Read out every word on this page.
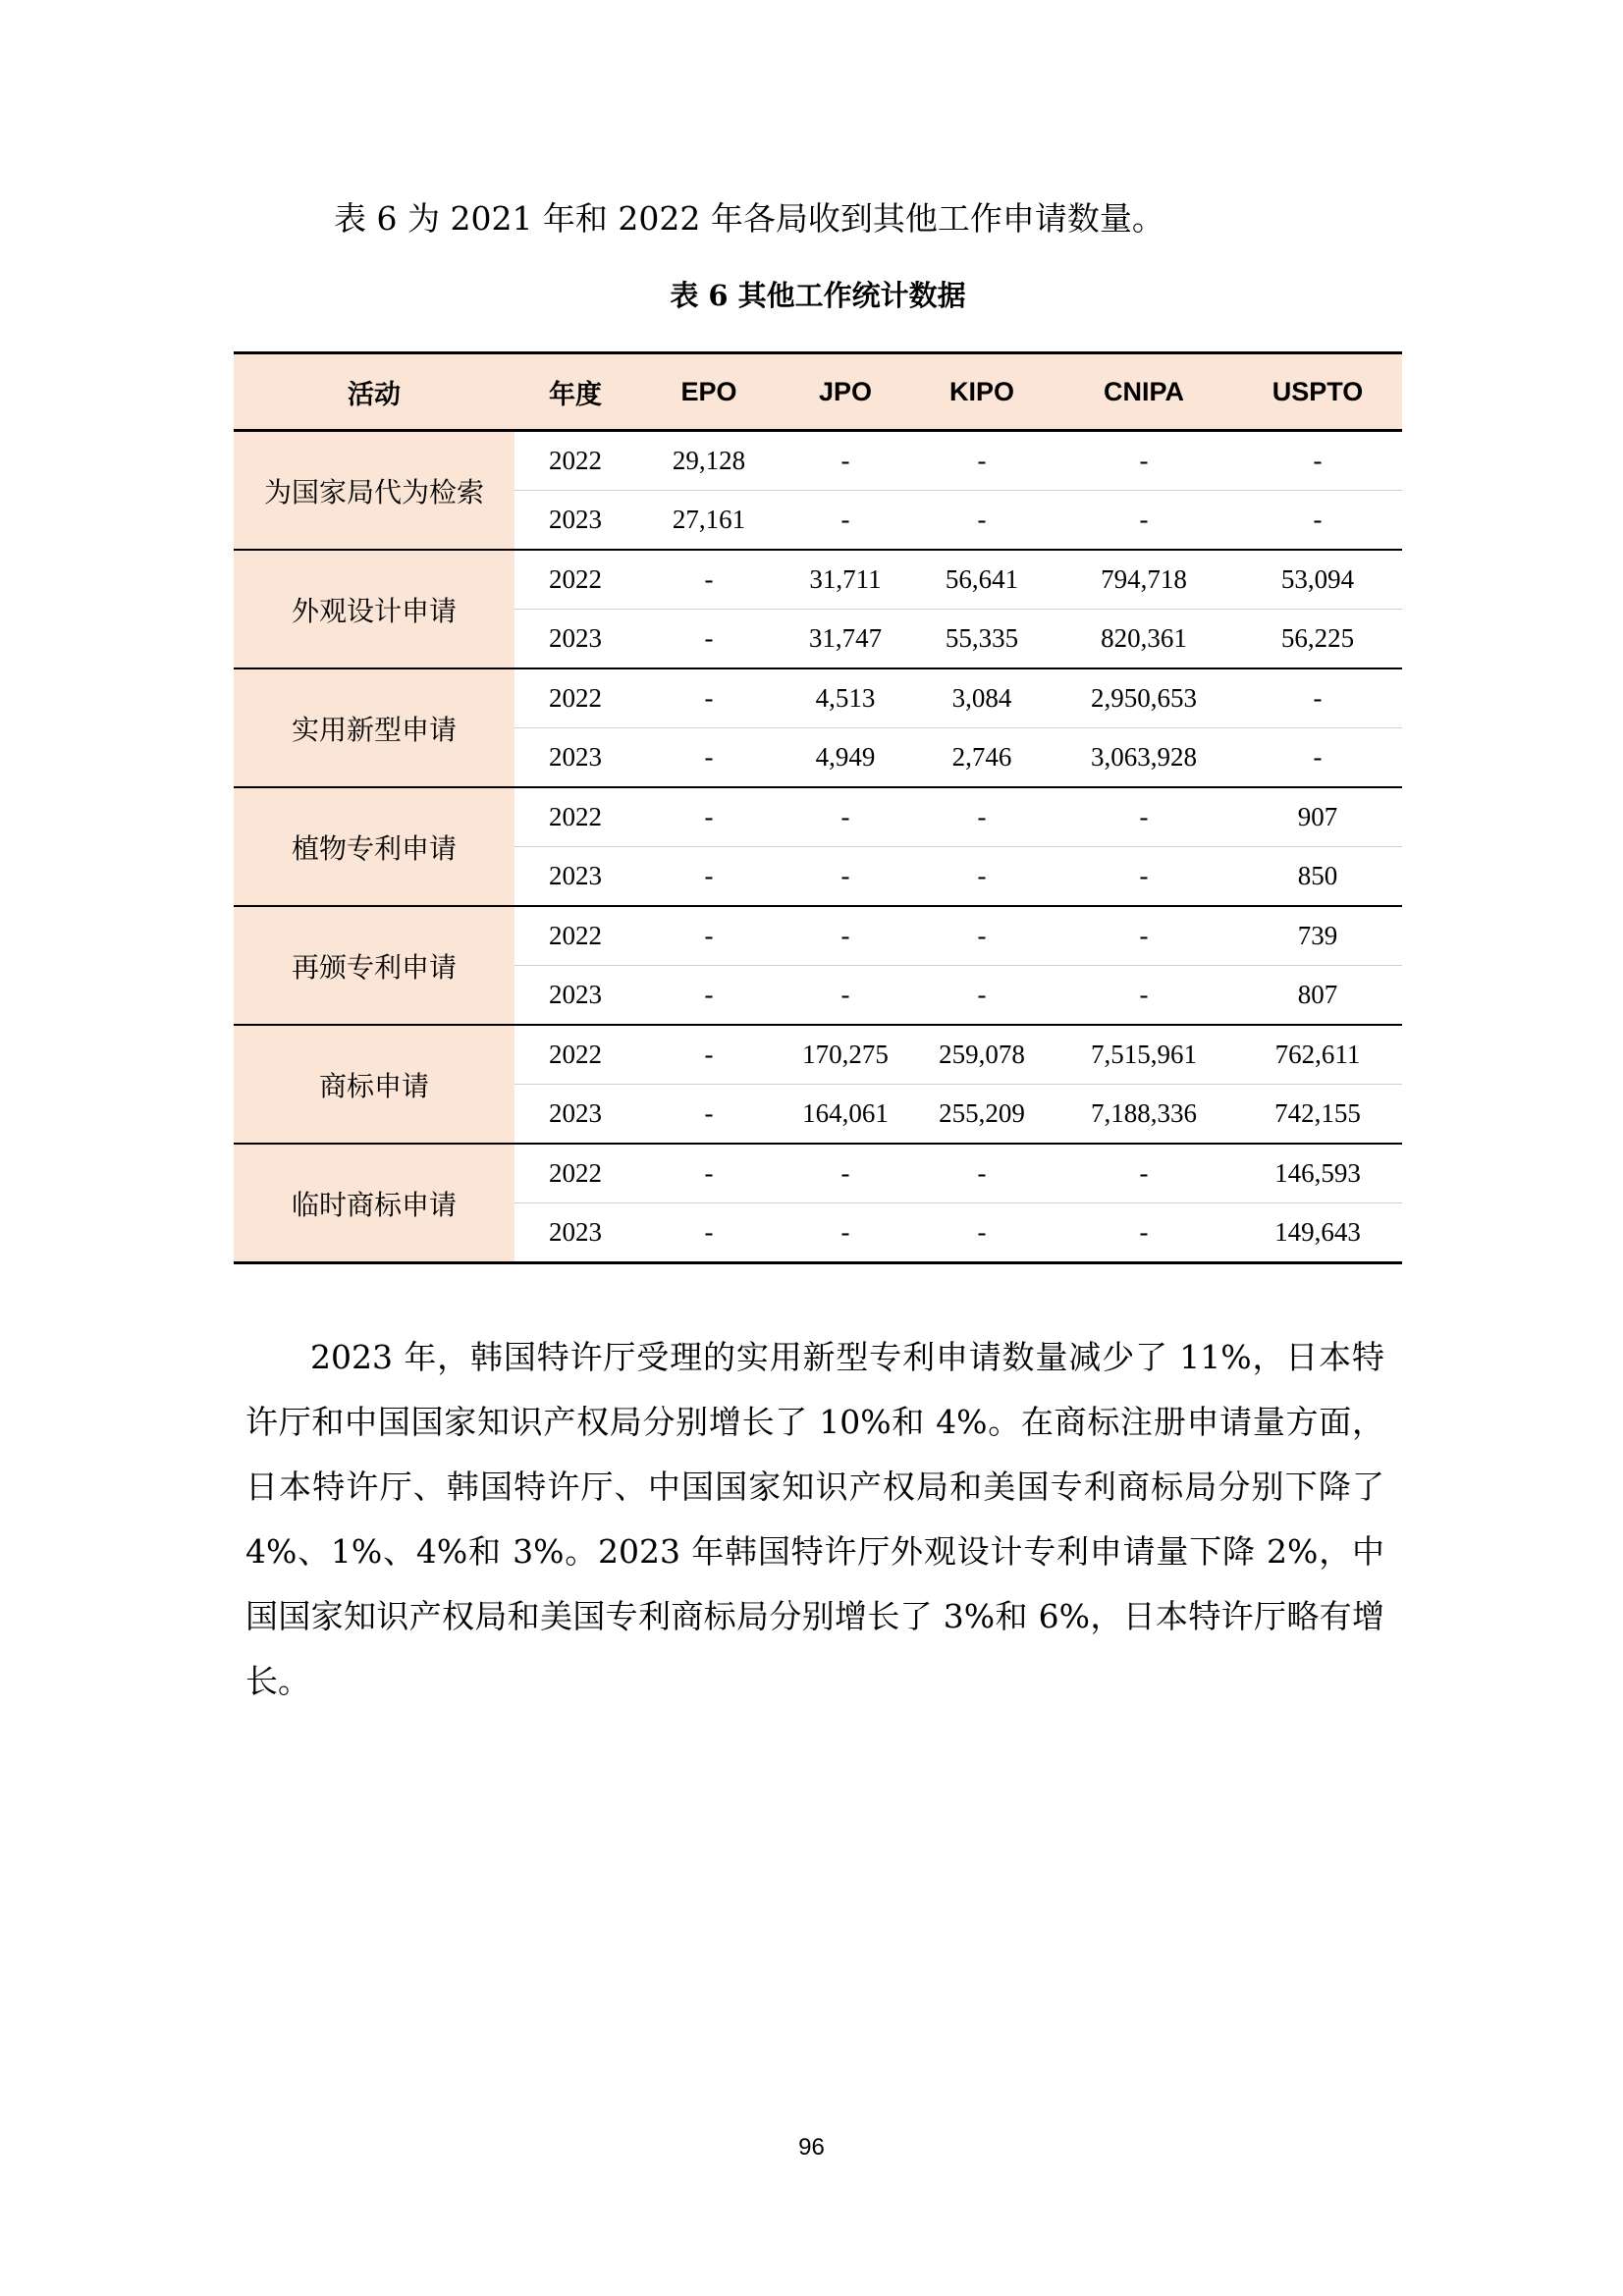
表 6 为 2021 年和 2022 年各局收到其他工作申请数量。
表 6 其他工作统计数据
活动	年度	EPO	JPO	KIPO	CNIPA	USPTO
为国家局代为检索	2022	29,128	-	-	-	-
	2023	27,161	-	-	-	-
外观设计申请	2022	-	31,711	56,641	794,718	53,094
	2023	-	31,747	55,335	820,361	56,225
实用新型申请	2022	-	4,513	3,084	2,950,653	-
	2023	-	4,949	2,746	3,063,928	-
植物专利申请	2022	-	-	-	-	907
	2023	-	-	-	-	850
再颁专利申请	2022	-	-	-	-	739
	2023	-	-	-	-	807
商标申请	2022	-	170,275	259,078	7,515,961	762,611
	2023	-	164,061	255,209	7,188,336	742,155
临时商标申请	2022	-	-	-	-	146,593
	2023	-	-	-	-	149,643

2023 年，韩国特许厅受理的实用新型专利申请数量减少了 11%，日本特许厅和中国国家知识产权局分别增长了 10%和 4%。在商标注册申请量方面，日本特许厅、韩国特许厅、中国国家知识产权局和美国专利商标局分别下降了 4%、1%、4%和 3%。2023 年韩国特许厅外观设计专利申请量下降 2%，中国国家知识产权局和美国专利商标局分别增长了 3%和 6%，日本特许厅略有增长。

96
